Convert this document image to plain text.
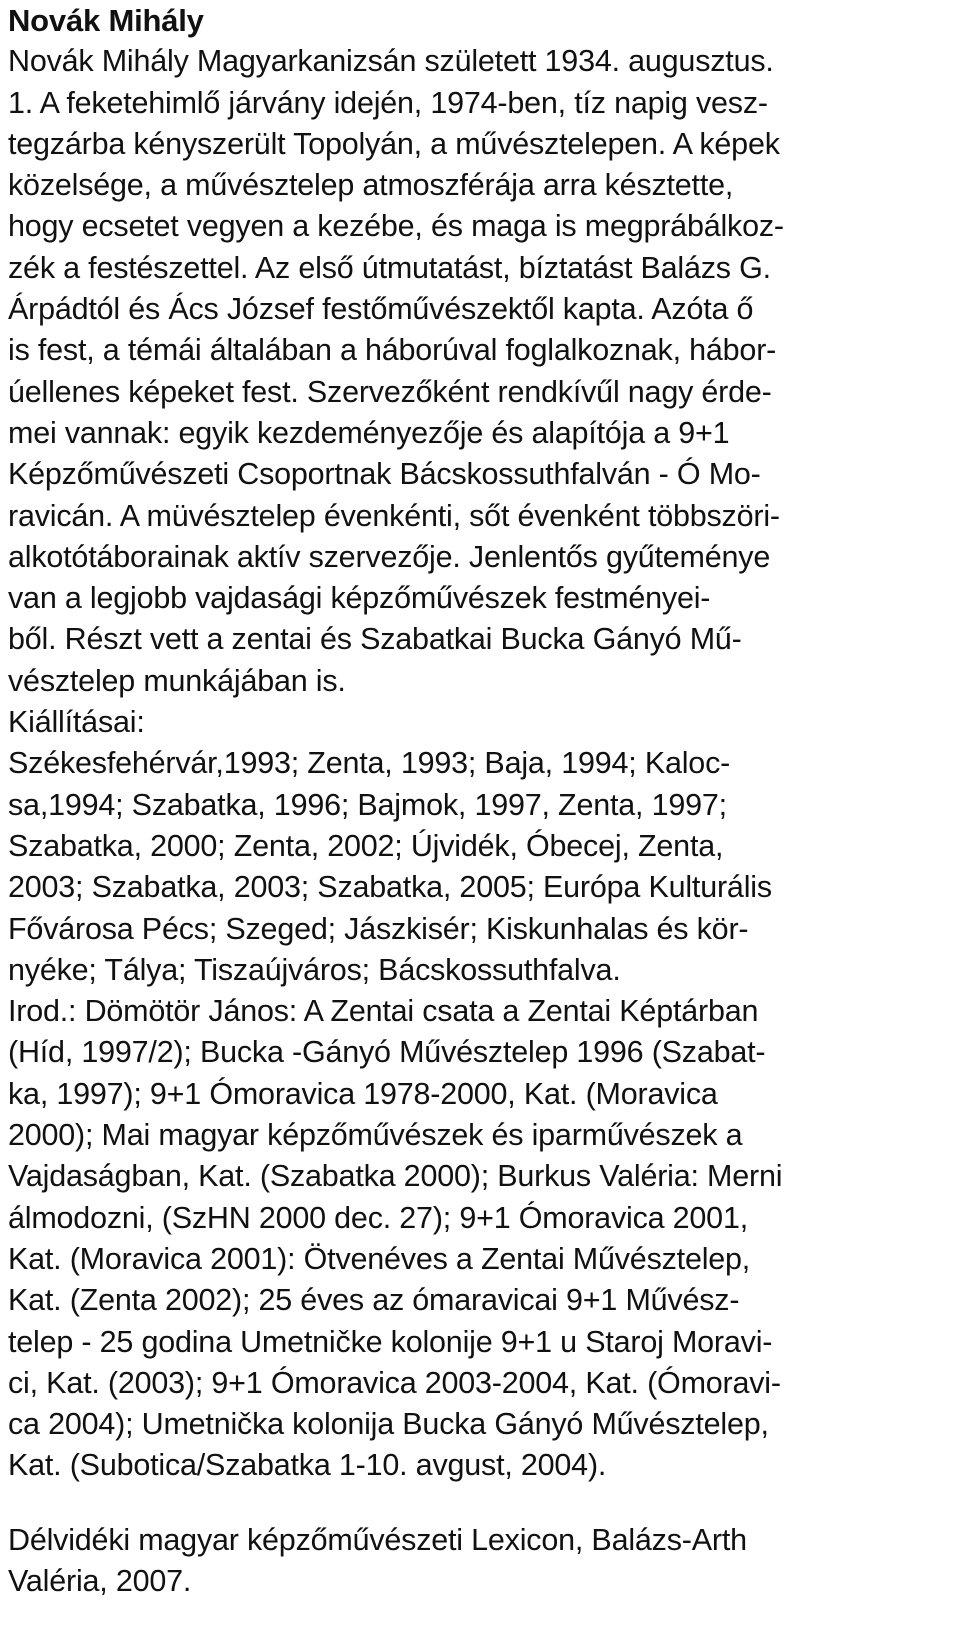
Novák Mihály
Novák Mihály Magyarkanizsán született 1934. augusztus.
1. A feketehimlő járvány idején, 1974-ben, tíz napig vesz-
tegzárba kényszerült Topolyán, a művésztelepen. A képek
közelsége, a művésztelep atmoszférája arra késztette,
hogy ecsetet vegyen a kezébe, és maga is megprábálkoz-
zék a festészettel. Az első útmutatást, bíztatást Balázs G.
Árpádtól és Ács József festőművészektől kapta. Azóta ő
is fest, a témái általában a háborúval foglalkoznak, hábor-
úellenes képeket fest. Szervezőként rendkívűl nagy érde-
mei vannak: egyik kezdeményezője és alapítója a 9+1
Képzőművészeti Csoportnak Bácskossuthfalván - Ó Mo-
ravicán. A müvésztelep évenkénti, sőt évenként többszöri-
alkotótáborainak aktív szervezője. Jenlentős gyűteménye
van a legjobb vajdasági képzőművészek festményei-
ből. Részt vett a zentai és Szabatkai Bucka Gányó Mű-
vésztelep munkájában is.
Kiállításai:
Székesfehérvár,1993; Zenta, 1993; Baja, 1994; Kaloc-
sa,1994; Szabatka, 1996; Bajmok, 1997, Zenta, 1997;
Szabatka, 2000; Zenta, 2002; Újvidék, Óbecej, Zenta,
2003; Szabatka, 2003; Szabatka, 2005; Európa Kulturális
Fővárosa Pécs; Szeged; Jászkisér; Kiskunhalas és kör-
nyéke; Tálya; Tiszaújváros; Bácskossuthfalva.
Irod.: Dömötör János: A Zentai csata a Zentai Képtárban
(Híd, 1997/2); Bucka -Gányó Művésztelep 1996 (Szabat-
ka, 1997); 9+1 Ómoravica 1978-2000, Kat. (Moravica
2000); Mai magyar képzőművészek és iparművészek a
Vajdaságban, Kat. (Szabatka 2000); Burkus Valéria: Merni
álmodozni, (SzHN 2000 dec. 27); 9+1 Ómoravica 2001,
Kat. (Moravica 2001): Ötvenéves a Zentai Művésztelep,
Kat. (Zenta 2002); 25 éves az ómaravicai 9+1 Művész-
telep - 25 godina Umetničke kolonije 9+1 u Staroj Moravi-
ci, Kat. (2003); 9+1 Ómoravica 2003-2004, Kat. (Ómoravi-
ca 2004); Umetnička kolonija Bucka Gányó Művésztelep,
Kat. (Subotica/Szabatka 1-10. avgust, 2004).
Délvidéki magyar képzőművészeti Lexicon, Balázs-Arth
Valéria, 2007.
